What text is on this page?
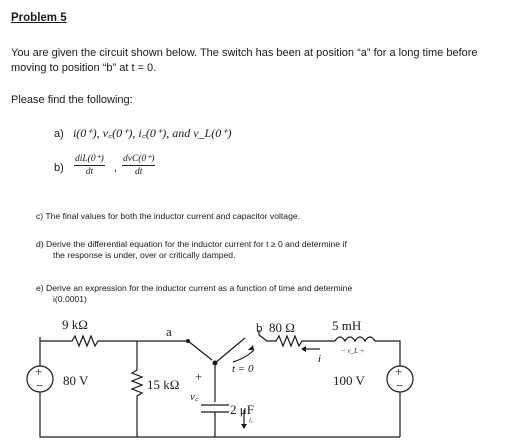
Problem 5
You are given the circuit shown below. The switch has been at position “a” for a long time before moving to position “b” at t = 0.
Please find the following:
a) i(0⁺), v꜀(0⁺), i꜀(0⁺), and v_L(0⁺)
b)
diL(0⁺)
dt	,
dvC(0⁺)
dt
c) The final values for both the inductor current and capacitor voltage.
d) Derive the differential equation for the inductor current for t ≥ 0 and determine if
the response is under, over or critically damped.
e) Derive an expression for the inductor current as a function of time and determine
i(0.0001)
9 kΩ	a	b 80 Ω	5 mH
− v_L +
i
t = 0
+
− 80 V	15 kΩ
+
v꜀
2 μF
i꜀
100 V
+
−
